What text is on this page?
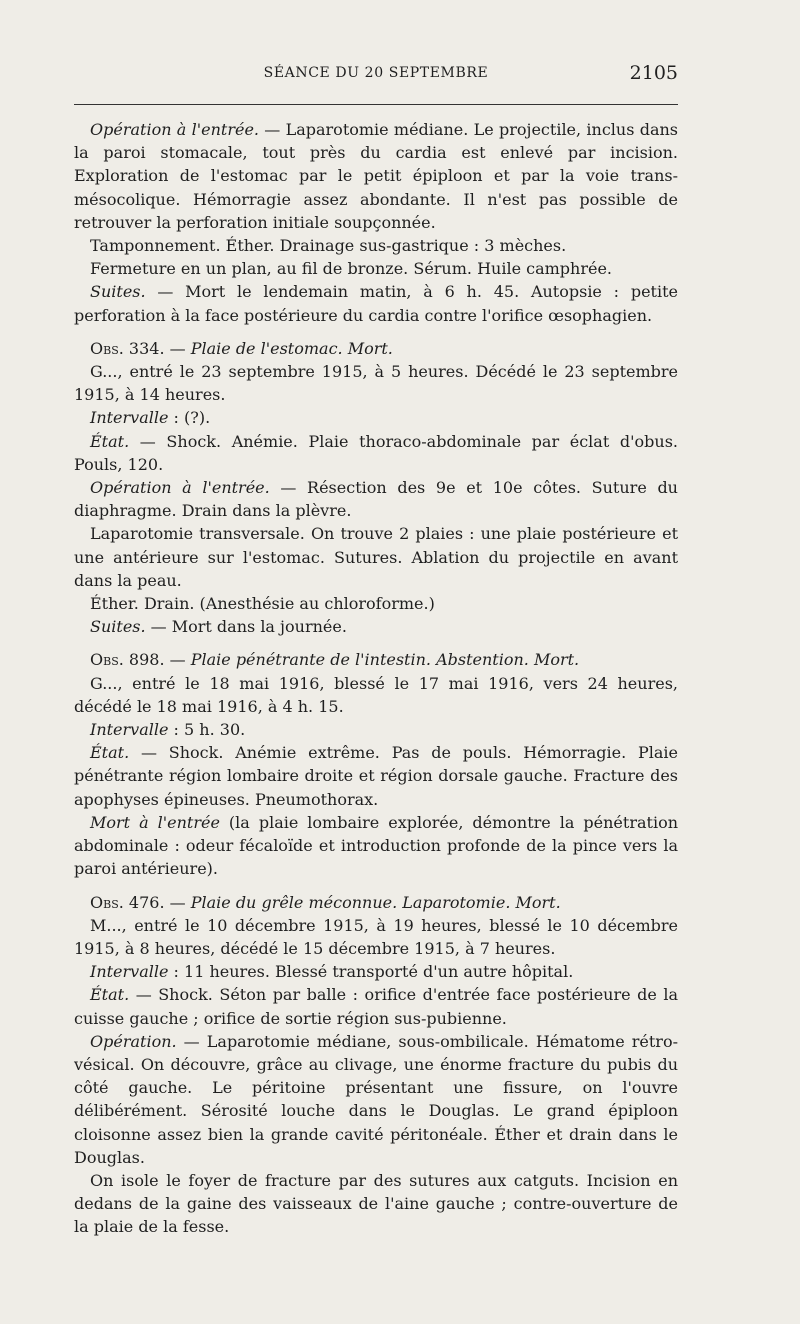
SÉANCE DU 20 SEPTEMBRE	2105

Opération à l'entrée. — Laparotomie médiane. Le projectile, inclus dans la paroi stomacale, tout près du cardia est enlevé par incision. Exploration de l'estomac par le petit épiploon et par la voie trans-mésocolique. Hémorragie assez abondante. Il n'est pas possible de retrouver la perforation initiale soupçonnée.

Tamponnement. Éther. Drainage sus-gastrique : 3 mèches.

Fermeture en un plan, au fil de bronze. Sérum. Huile camphrée.

Suites. — Mort le lendemain matin, à 6 h. 45. Autopsie : petite perforation à la face postérieure du cardia contre l'orifice œsophagien.

Obs. 334. — Plaie de l'estomac. Mort.

G..., entré le 23 septembre 1915, à 5 heures. Décédé le 23 septembre 1915, à 14 heures.

Intervalle : (?).

État. — Shock. Anémie. Plaie thoraco-abdominale par éclat d'obus. Pouls, 120.

Opération à l'entrée. — Résection des 9e et 10e côtes. Suture du diaphragme. Drain dans la plèvre.

Laparotomie transversale. On trouve 2 plaies : une plaie postérieure et une antérieure sur l'estomac. Sutures. Ablation du projectile en avant dans la peau.

Éther. Drain. (Anesthésie au chloroforme.)

Suites. — Mort dans la journée.

Obs. 898. — Plaie pénétrante de l'intestin. Abstention. Mort.

G..., entré le 18 mai 1916, blessé le 17 mai 1916, vers 24 heures, décédé le 18 mai 1916, à 4 h. 15.

Intervalle : 5 h. 30.

État. — Shock. Anémie extrême. Pas de pouls. Hémorragie. Plaie pénétrante région lombaire droite et région dorsale gauche. Fracture des apophyses épineuses. Pneumothorax.

Mort à l'entrée (la plaie lombaire explorée, démontre la pénétration abdominale : odeur fécaloïde et introduction profonde de la pince vers la paroi antérieure).

Obs. 476. — Plaie du grêle méconnue. Laparotomie. Mort.

M..., entré le 10 décembre 1915, à 19 heures, blessé le 10 décembre 1915, à 8 heures, décédé le 15 décembre 1915, à 7 heures.

Intervalle : 11 heures. Blessé transporté d'un autre hôpital.

État. — Shock. Séton par balle : orifice d'entrée face postérieure de la cuisse gauche ; orifice de sortie région sus-pubienne.

Opération. — Laparotomie médiane, sous-ombilicale. Hématome rétro-vésical. On découvre, grâce au clivage, une énorme fracture du pubis du côté gauche. Le péritoine présentant une fissure, on l'ouvre délibérément. Sérosité louche dans le Douglas. Le grand épiploon cloisonne assez bien la grande cavité péritonéale. Éther et drain dans le Douglas.

On isole le foyer de fracture par des sutures aux catguts. Incision en dedans de la gaine des vaisseaux de l'aine gauche ; contre-ouverture de la plaie de la fesse.
